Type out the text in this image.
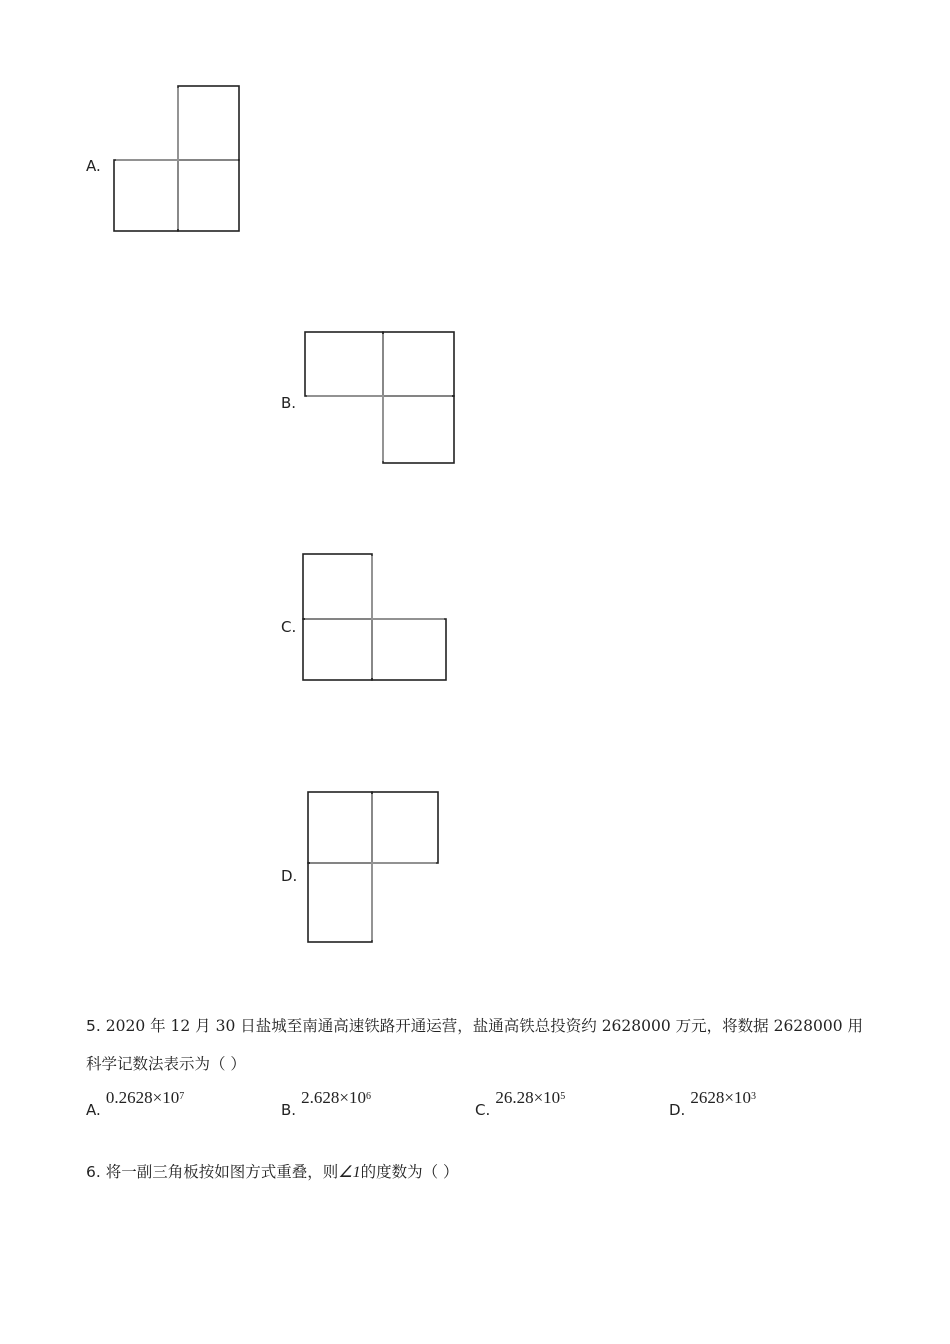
A.
B.
C.
D.
5. 2020 年 12 月 30 日盐城至南通高速铁路开通运营，盐通高铁总投资约 2628000 万元，将数据 2628000 用
科学记数法表示为（ ）
A. $0.2628\times 10^7$
B. $2.628\times 10^6$
C. $26.28\times 10^5$
D. $2628\times 10^3$
6. 将一副三角板按如图方式重叠，则∠1的度数为（ ）
